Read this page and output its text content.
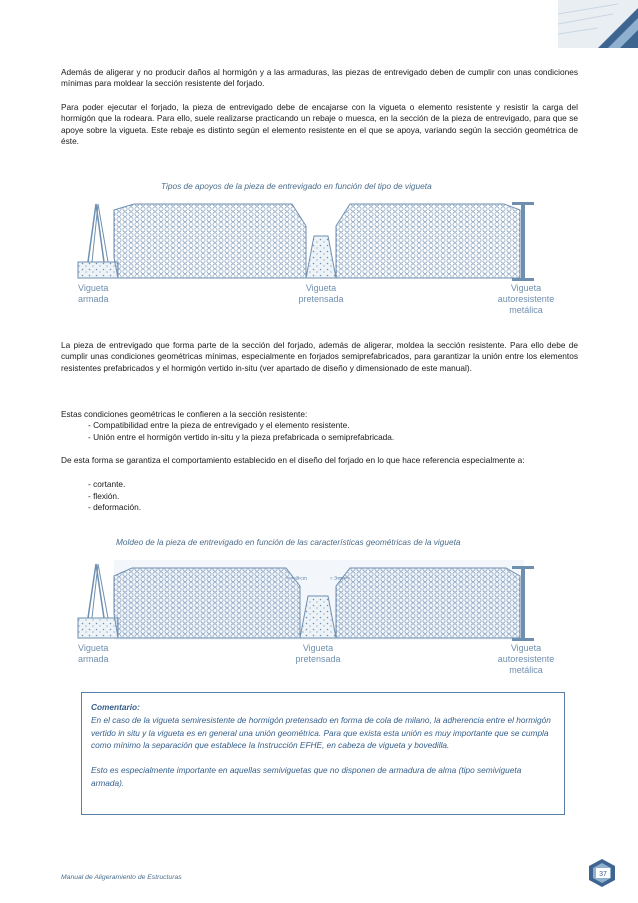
Además de aligerar y no producir daños al hormigón y a las armaduras, las piezas de entrevigado deben de cumplir con unas condiciones mínimas para moldear la sección resistente del forjado.

Para poder ejecutar el forjado, la pieza de entrevigado debe de encajarse con la vigueta o elemento resistente y resistir la carga del hormigón que la rodeara. Para ello, suele realizarse practicando un rebaje o muesca, en la sección de la pieza de entrevigado, para que se apoye sobre la vigueta. Este rebaje es distinto según el elemento resistente en el que se apoya, variando según la sección geométrica de éste.

Tipos de apoyos de la pieza de entrevigado en función del tipo de vigueta
Vigueta
armada
Vigueta
pretensada
Vigueta
autoresistente
metálica

La pieza de entrevigado que forma parte de la sección del forjado, además de aligerar, moldea la sección resistente. Para ello debe de cumplir unas condiciones geométricas mínimas, especialmente en forjados semiprefabricados, para garantizar la unión entre los elementos resistentes prefabricados y el hormigón vertido in-situ (ver apartado de diseño y dimensionado de este manual).

Estas condiciones geométricas le confieren a la sección resistente:

- Compatibilidad entre la pieza de entrevigado y el elemento resistente.
- Unión entre el hormigón vertido in-situ y la pieza prefabricada o semiprefabricada.

De esta forma se garantiza el comportamiento establecido en el diseño del forjado en lo que hace referencia especialmente a:

- cortante.
- flexión.
- deformación.
Moldeo de la pieza de entrevigado en función de las características geométricas de la vigueta
≈ 3 cm	≈ 3 cm
Vigueta
armada
Vigueta
pretensada
Vigueta
autoresistente
metálica

Comentario:

En el caso de la vigueta semiresistente de hormigón pretensado en forma de cola de milano, la adherencia entre el hormigón vertido in situ y la vigueta es en general una unión geométrica. Para que exista esta unión es muy importante que se cumpla como mínimo la separación que establece la Instrucción EFHE, en cabeza de vigueta y bovedilla.

Esto es especialmente importante en aquellas semiviguetas que no disponen de armadura de alma (tipo semivigueta armada).

Manual de Aligeramiento de Estructuras	37
